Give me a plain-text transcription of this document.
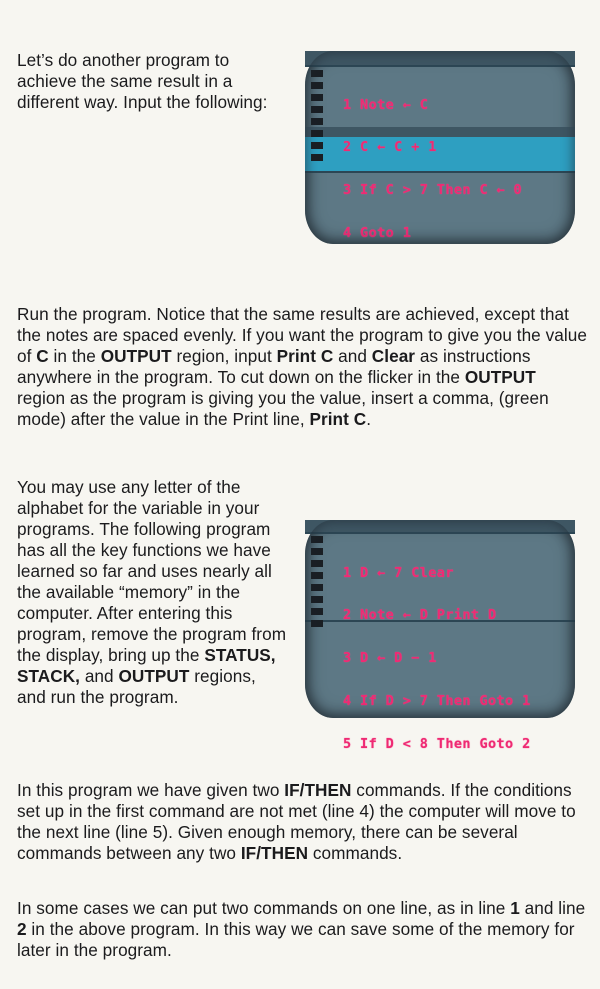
Let’s do another program to achieve the same result in a different way. Input the following:

	1 Note ← C

2 C ← C + 1

3 If C > 7 Then C ← 0

4 Goto 1

Run the program. Notice that the same results are achieved, except that the notes are spaced evenly. If you want the program to give you the value of C in the OUTPUT region, input Print C and Clear as instructions anywhere in the program. To cut down on the flicker in the OUTPUT region as the program is giving you the value, insert a comma, (green mode) after the value in the Print line, Print C.

You may use any letter of the alphabet for the variable in your programs. The following program has all the key functions we have learned so far and uses nearly all the available “memory” in the computer. After entering this program, remove the program from the display, bring up the STATUS, STACK, and OUTPUT regions, and run the program.

1 D ← 7 Clear

2 Note ← D Print D

3 D ← D − 1

4 If D > 7 Then Goto 1

5 If D < 8 Then Goto 2

In this program we have given two IF/THEN commands. If the conditions set up in the first command are not met (line 4) the computer will move to the next line (line 5). Given enough memory, there can be several commands between any two IF/THEN commands.

In some cases we can put two commands on one line, as in line 1 and line 2 in the above program. In this way we can save some of the memory for later in the program.
